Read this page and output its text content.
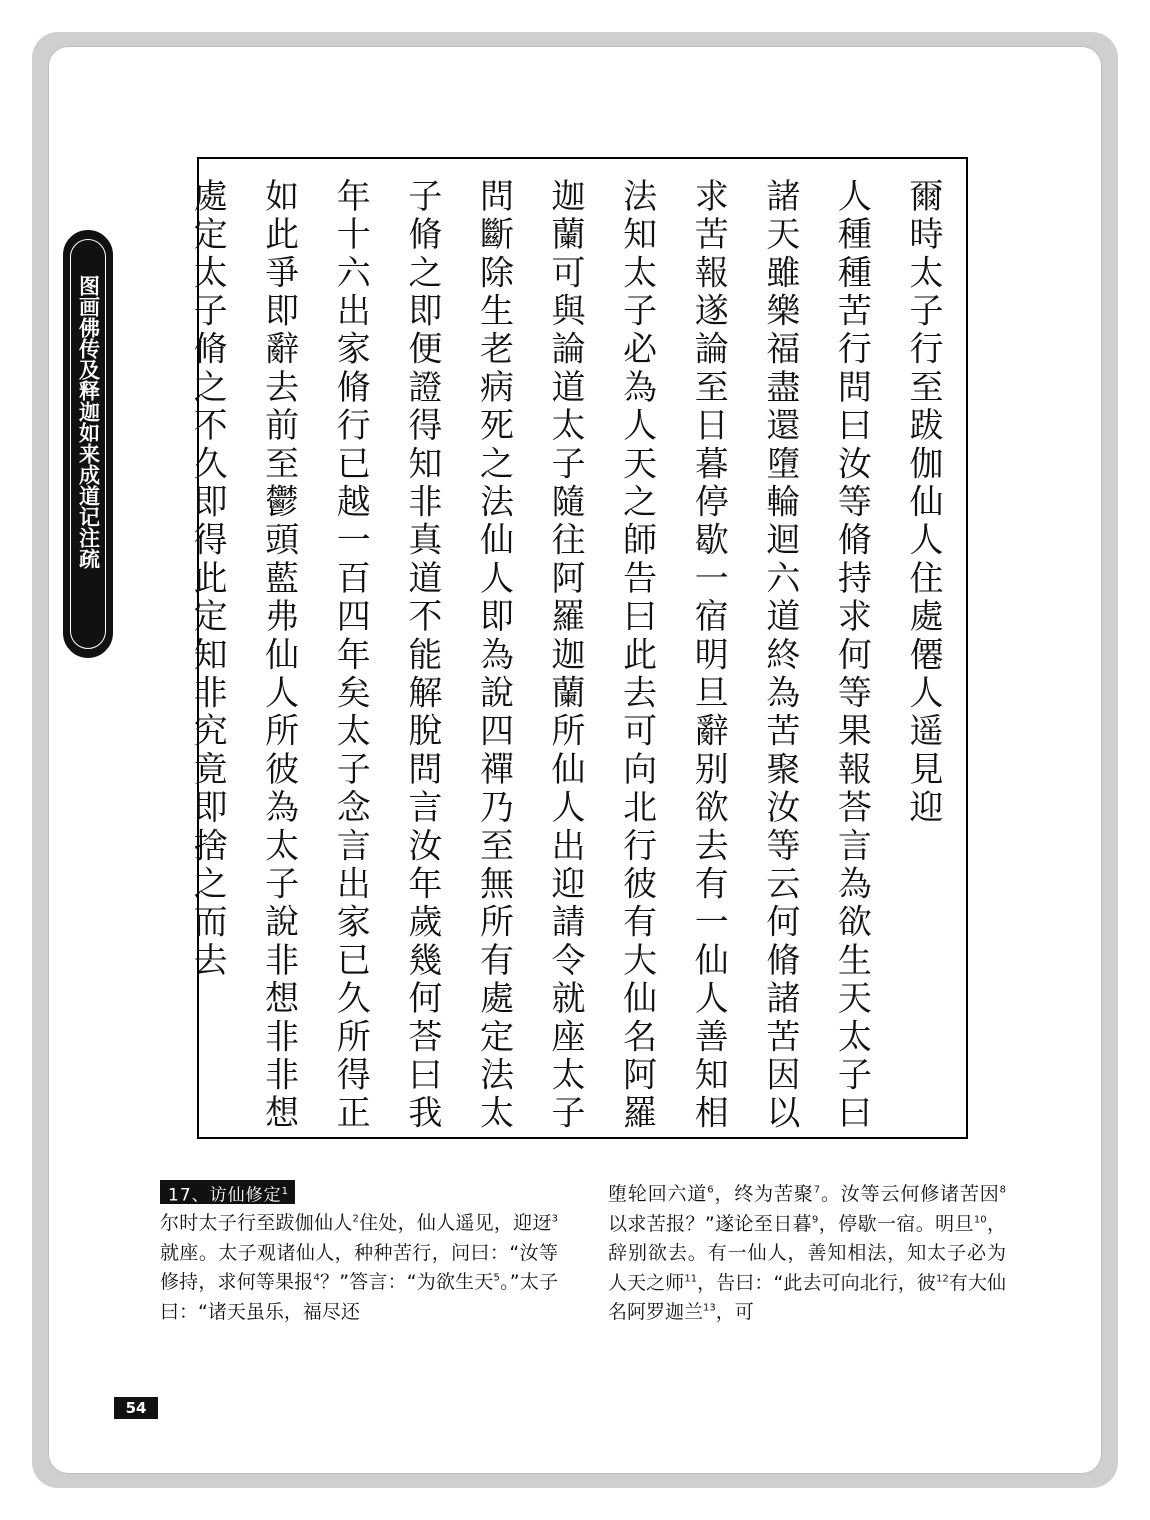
图画佛传及释迦如来成道记注疏	爾時太子行至跋伽仙人住處僊人遥見迎
人種種苦行問曰汝等脩持求何等果報荅言為欲生天太子曰
諸天雖樂福盡還墮輪迴六道終為苦聚汝等云何脩諸苦因以
求苦報遂論至日暮停歇一宿明旦辭别欲去有一仙人善知相
法知太子必為人天之師告曰此去可向北行彼有大仙名阿羅
迦蘭可與論道太子隨往阿羅迦蘭所仙人出迎請令就座太子
問斷除生老病死之法仙人即為說四禪乃至無所有處定法太
子脩之即便證得知非真道不能解脫問言汝年歲幾何荅曰我
年十六出家脩行已越一百四年矣太子念言出家已久所得正
如此爭即辭去前至鬱頭藍弗仙人所彼為太子說非想非非想
處定太子脩之不久即得此定知非究竟即捨之而去
17、访仙修定$^1$
尔时太子行至跋伽仙人$^2$住处，仙人遥见，迎迓$^3$就座。太子观诸仙人，种种苦行，问曰：“汝等修持，求何等果报$^4$？”答言：“为欲生天$^5$。”太子曰：“诸天虽乐，福尽还
堕轮回六道$^6$，终为苦聚$^7$。汝等云何修诸苦因$^8$以求苦报？”遂论至日暮$^9$，停歇一宿。明旦$^{10}$，辞别欲去。有一仙人，善知相法，知太子必为人天之师$^{11}$，告曰：“此去可向北行，彼$^{12}$有大仙名阿罗迦兰$^{13}$，可
54
